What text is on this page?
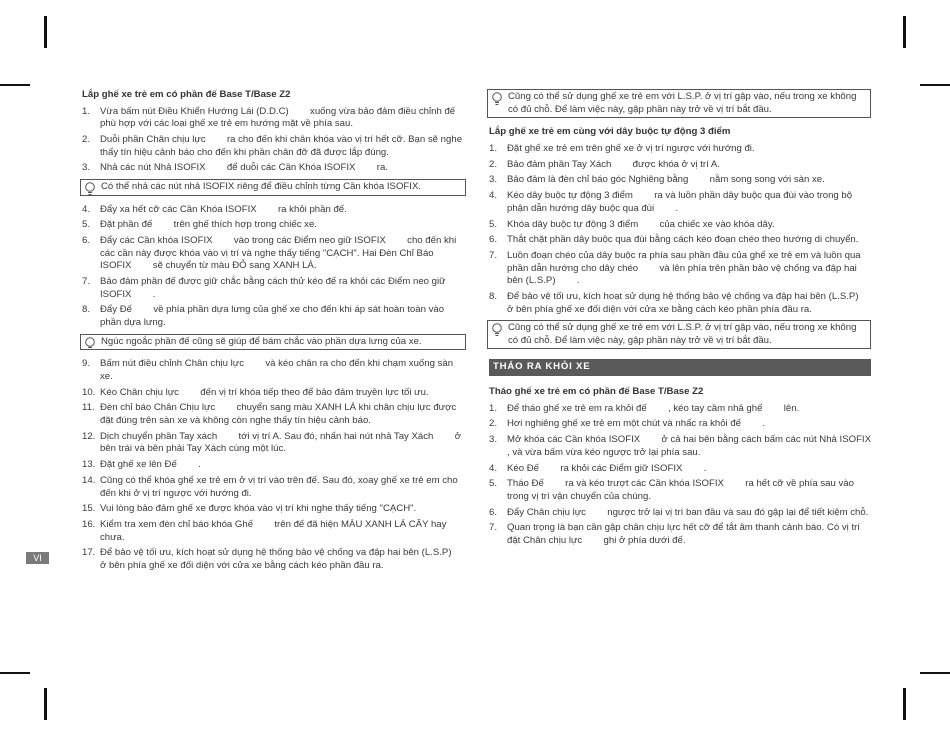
VI
Lắp ghế xe trẻ em có phần đế Base T/Base Z2
1. Vừa bấm nút Điều Khiển Hướng Lái (D.D.C)        xuống vừa bảo đảm điều chỉnh đế phù hợp với các loại ghế xe trẻ em hướng mặt về phía sau.
2. Duỗi phần Chân chịu lực        ra cho đến khi chân khóa vào vị trí hết cỡ. Bạn sẽ nghe thấy tín hiệu cảnh báo cho đến khi phần chân đỡ đã được lắp đúng.
3. Nhả các nút Nhả ISOFIX        để duỗi các Cần Khóa ISOFIX        ra.
Có thể nhả các nút nhả ISOFIX riêng để điều chỉnh từng Cần khóa ISOFIX.
4. Đẩy xa hết cỡ các Cần Khóa ISOFIX        ra khỏi phần đế.
5. Đặt phần đế        trên ghế thích hợp trong chiếc xe.
6. Đẩy các Cần khóa ISOFIX        vào trong các Điểm neo giữ ISOFIX        cho đến khi các cần này được khóa vào vị trí và nghe thấy tiếng "CẠCH". Hai Đèn Chỉ Báo ISOFIX        sẽ chuyển từ màu ĐỎ sang XANH LÁ.
7. Bảo đảm phần đế được giữ chắc bằng cách thử kéo đế ra khỏi các Điểm neo giữ ISOFIX        .
8. Đẩy Đế        về phía phần dựa lưng của ghế xe cho đến khi áp sát hoàn toàn vào phần dựa lưng.
Ngúc ngoắc phần đế cũng sẽ giúp để bám chắc vào phần dựa lưng của xe.
9. Bấm nút điều chỉnh Chân chịu lực        và kéo chân ra cho đến khi chạm xuống sàn xe.
10. Kéo Chân chịu lực        đến vị trí khóa tiếp theo để bảo đảm truyền lực tối ưu.
11. Đèn chỉ báo Chân Chịu lực        chuyển sang màu XANH LÁ khi chân chịu lực được đặt đúng trên sàn xe và không còn nghe thấy tín hiệu cảnh báo.
12. Dịch chuyển phần Tay xách        tới vị trí A. Sau đó, nhấn hai nút nhả Tay Xách        ở bên trái và bên phải Tay Xách cùng một lúc.
13. Đặt ghế xe lên Đế        .
14. Cũng có thể khóa ghế xe trẻ em ở vị trí vào trên đế. Sau đó, xoay ghế xe trẻ em cho đến khi ở vị trí ngược với hướng đi.
15. Vui lòng bảo đảm ghế xe được khóa vào vị trí khi nghe thấy tiếng "CẠCH".
16. Kiểm tra xem đèn chỉ báo khóa Ghế        trên đế đã hiện MÀU XANH LÁ CÂY hay chưa.
17. Để bảo vệ tối ưu, kích hoạt sử dụng hệ thống bảo vệ chống va đập hai bên (L.S.P)        ở bên phía ghế xe đối diện với cửa xe bằng cách kéo phần đầu ra.
Cũng có thể sử dụng ghế xe trẻ em với L.S.P. ở vị trí gập vào, nếu trong xe không có đủ chỗ. Để làm việc này, gập phần này trở về vị trí bắt đầu.
Lắp ghế xe trẻ em cùng với dây buộc tự động 3 điểm
1. Đặt ghế xe trẻ em trên ghế xe ở vị trí ngược với hướng đi.
2. Bảo đảm phần Tay Xách        được khóa ở vị trí A.
3. Bảo đảm là đèn chỉ báo góc Nghiêng bằng        nằm song song với sàn xe.
4. Kéo dây buộc tự động 3 điểm        ra và luồn phần dây buộc qua đùi vào trong bộ phận dẫn hướng dây buộc qua đùi        .
5. Khóa dây buộc tự động 3 điểm        của chiếc xe vào khóa dây.
6. Thắt chặt phần dây buộc qua đùi bằng cách kéo đoạn chéo theo hướng di chuyển.
7. Luồn đoạn chéo của dây buộc ra phía sau phần đầu của ghế xe trẻ em và luồn qua phần dẫn hướng cho dây chéo        và lên phía trên phần bảo vệ chống va đập hai bên (L.S.P)        .
8. Để bảo vệ tối ưu, kích hoạt sử dụng hệ thống bảo vệ chống va đập hai bên (L.S.P)        ở bên phía ghế xe đối diện với cửa xe bằng cách kéo phần phía đầu ra.
Cũng có thể sử dụng ghế xe trẻ em với L.S.P. ở vị trí gập vào, nếu trong xe không có đủ chỗ. Để làm việc này, gập phần này trở về vị trí bắt đầu.
THÁO RA KHỎI XE
Tháo ghế xe trẻ em có phần đế Base T/Base Z2
1. Để tháo ghế xe trẻ em ra khỏi đế        , kéo tay cầm nhả ghế        lên.
2. Hơi nghiêng ghế xe trẻ em một chút và nhấc ra khỏi đế        .
3. Mở khóa các Cần khóa ISOFIX        ở cả hai bên bằng cách bấm các nút Nhả ISOFIX        , và vừa bấm vừa kéo ngược trở lại phía sau.
4. Kéo Đế        ra khỏi các Điểm giữ ISOFIX        .
5. Tháo Đế        ra và kéo trượt các Cần khóa ISOFIX        ra hết cỡ về phía sau vào trong vị trí vận chuyển của chúng.
6. Đẩy Chân chịu lực        ngược trở lại vị trí ban đầu và sau đó gập lại để tiết kiệm chỗ.
7. Quan trọng là bạn cần gập chân chịu lực hết cỡ để tắt âm thanh cảnh báo. Có vị trí đặt Chân chịu lực        ghi ở phía dưới đế.
